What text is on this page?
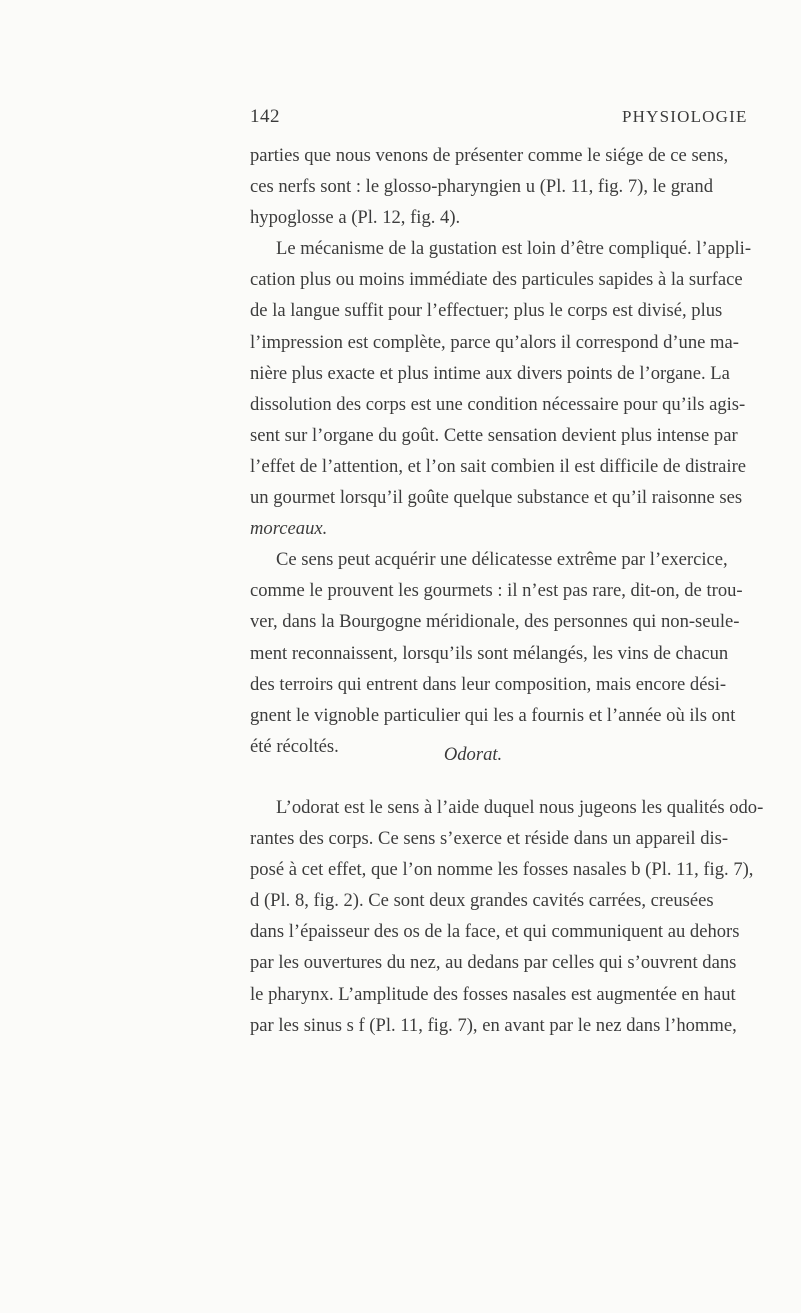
142	PHYSIOLOGIE

parties que nous venons de présenter comme le siége de ce sens,
ces nerfs sont : le glosso-pharyngien u (Pl. 11, fig. 7), le grand
hypoglosse a (Pl. 12, fig. 4).

Le mécanisme de la gustation est loin d’être compliqué. l’appli-
cation plus ou moins immédiate des particules sapides à la surface
de la langue suffit pour l’effectuer; plus le corps est divisé, plus
l’impression est complète, parce qu’alors il correspond d’une ma-
nière plus exacte et plus intime aux divers points de l’organe. La
dissolution des corps est une condition nécessaire pour qu’ils agis-
sent sur l’organe du goût. Cette sensation devient plus intense par
l’effet de l’attention, et l’on sait combien il est difficile de distraire
un gourmet lorsqu’il goûte quelque substance et qu’il raisonne ses
morceaux.

Ce sens peut acquérir une délicatesse extrême par l’exercice,
comme le prouvent les gourmets : il n’est pas rare, dit-on, de trou-
ver, dans la Bourgogne méridionale, des personnes qui non-seule-
ment reconnaissent, lorsqu’ils sont mélangés, les vins de chacun
des terroirs qui entrent dans leur composition, mais encore dési-
gnent le vignoble particulier qui les a fournis et l’année où ils ont
été récoltés.	Odorat.

L’odorat est le sens à l’aide duquel nous jugeons les qualités odo-
rantes des corps. Ce sens s’exerce et réside dans un appareil dis-
posé à cet effet, que l’on nomme les fosses nasales b (Pl. 11, fig. 7),
d (Pl. 8, fig. 2). Ce sont deux grandes cavités carrées, creusées
dans l’épaisseur des os de la face, et qui communiquent au dehors
par les ouvertures du nez, au dedans par celles qui s’ouvrent dans
le pharynx. L’amplitude des fosses nasales est augmentée en haut
par les sinus s f (Pl. 11, fig. 7), en avant par le nez dans l’homme,
